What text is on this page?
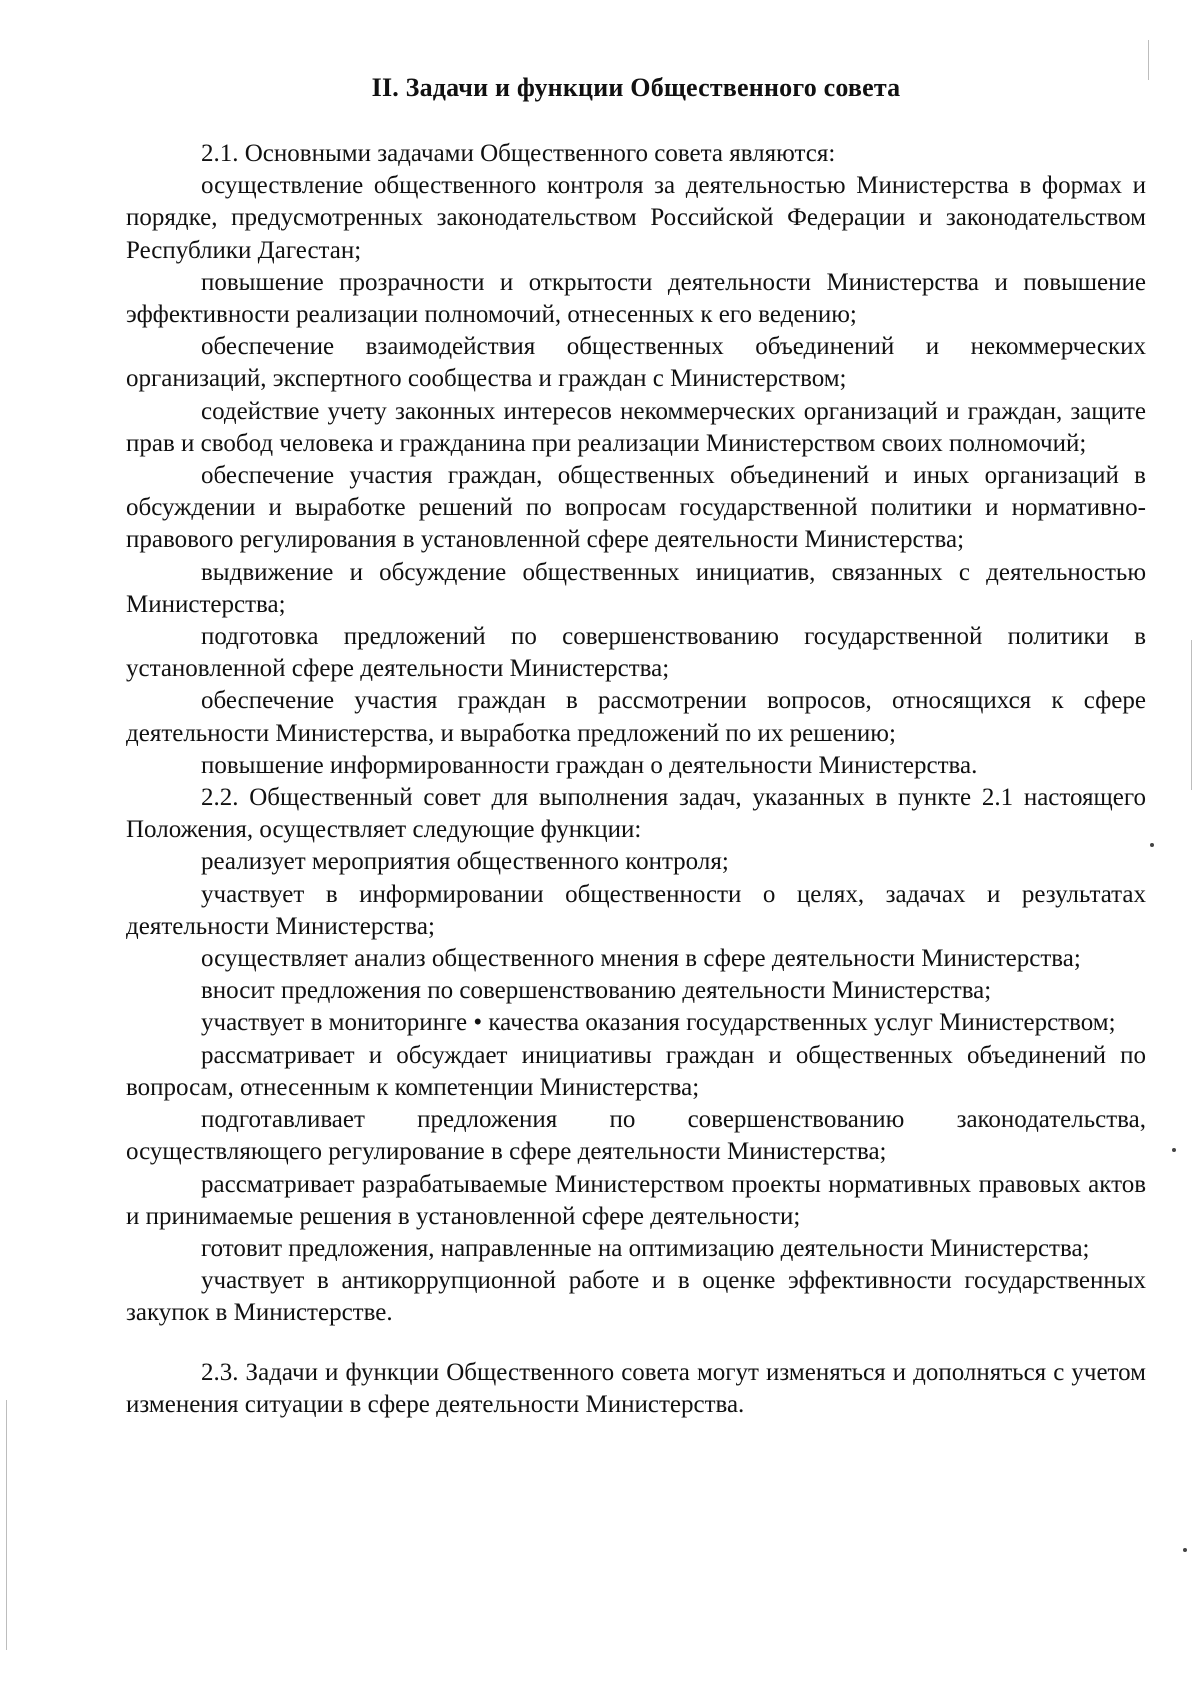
II. Задачи и функции Общественного совета

2.1. Основными задачами Общественного совета являются:

осуществление общественного контроля за деятельностью Министерства в формах и порядке, предусмотренных законодательством Российской Федерации и законодательством Республики Дагестан;

повышение прозрачности и открытости деятельности Министерства и повышение эффективности реализации полномочий, отнесенных к его ведению;

обеспечение взаимодействия общественных объединений и некоммерческих организаций, экспертного сообщества и граждан с Министерством;

содействие учету законных интересов некоммерческих организаций и граждан, защите прав и свобод человека и гражданина при реализации Министерством своих полномочий;

обеспечение участия граждан, общественных объединений и иных организаций в обсуждении и выработке решений по вопросам государственной политики и нормативно-правового регулирования в установленной сфере деятельности Министерства;

выдвижение и обсуждение общественных инициатив, связанных с деятельностью Министерства;

подготовка предложений по совершенствованию государственной политики в установленной сфере деятельности Министерства;

обеспечение участия граждан в рассмотрении вопросов, относящихся к сфере деятельности Министерства, и выработка предложений по их решению;

повышение информированности граждан о деятельности Министерства.

2.2. Общественный совет для выполнения задач, указанных в пункте 2.1 настоящего Положения, осуществляет следующие функции:

реализует мероприятия общественного контроля;

участвует в информировании общественности о целях, задачах и результатах деятельности Министерства;

осуществляет анализ общественного мнения в сфере деятельности Министерства;

вносит предложения по совершенствованию деятельности Министерства;

участвует в мониторинге • качества оказания государственных услуг Министерством;

рассматривает и обсуждает инициативы граждан и общественных объединений по вопросам, отнесенным к компетенции Министерства;

подготавливает предложения по совершенствованию законодательства, осуществляющего регулирование в сфере деятельности Министерства;

рассматривает разрабатываемые Министерством проекты нормативных правовых актов и принимаемые решения в установленной сфере деятельности;

готовит предложения, направленные на оптимизацию деятельности Министерства;

участвует в антикоррупционной работе и в оценке эффективности государственных закупок в Министерстве.

2.3. Задачи и функции Общественного совета могут изменяться и дополняться с учетом изменения ситуации в сфере деятельности Министерства.
